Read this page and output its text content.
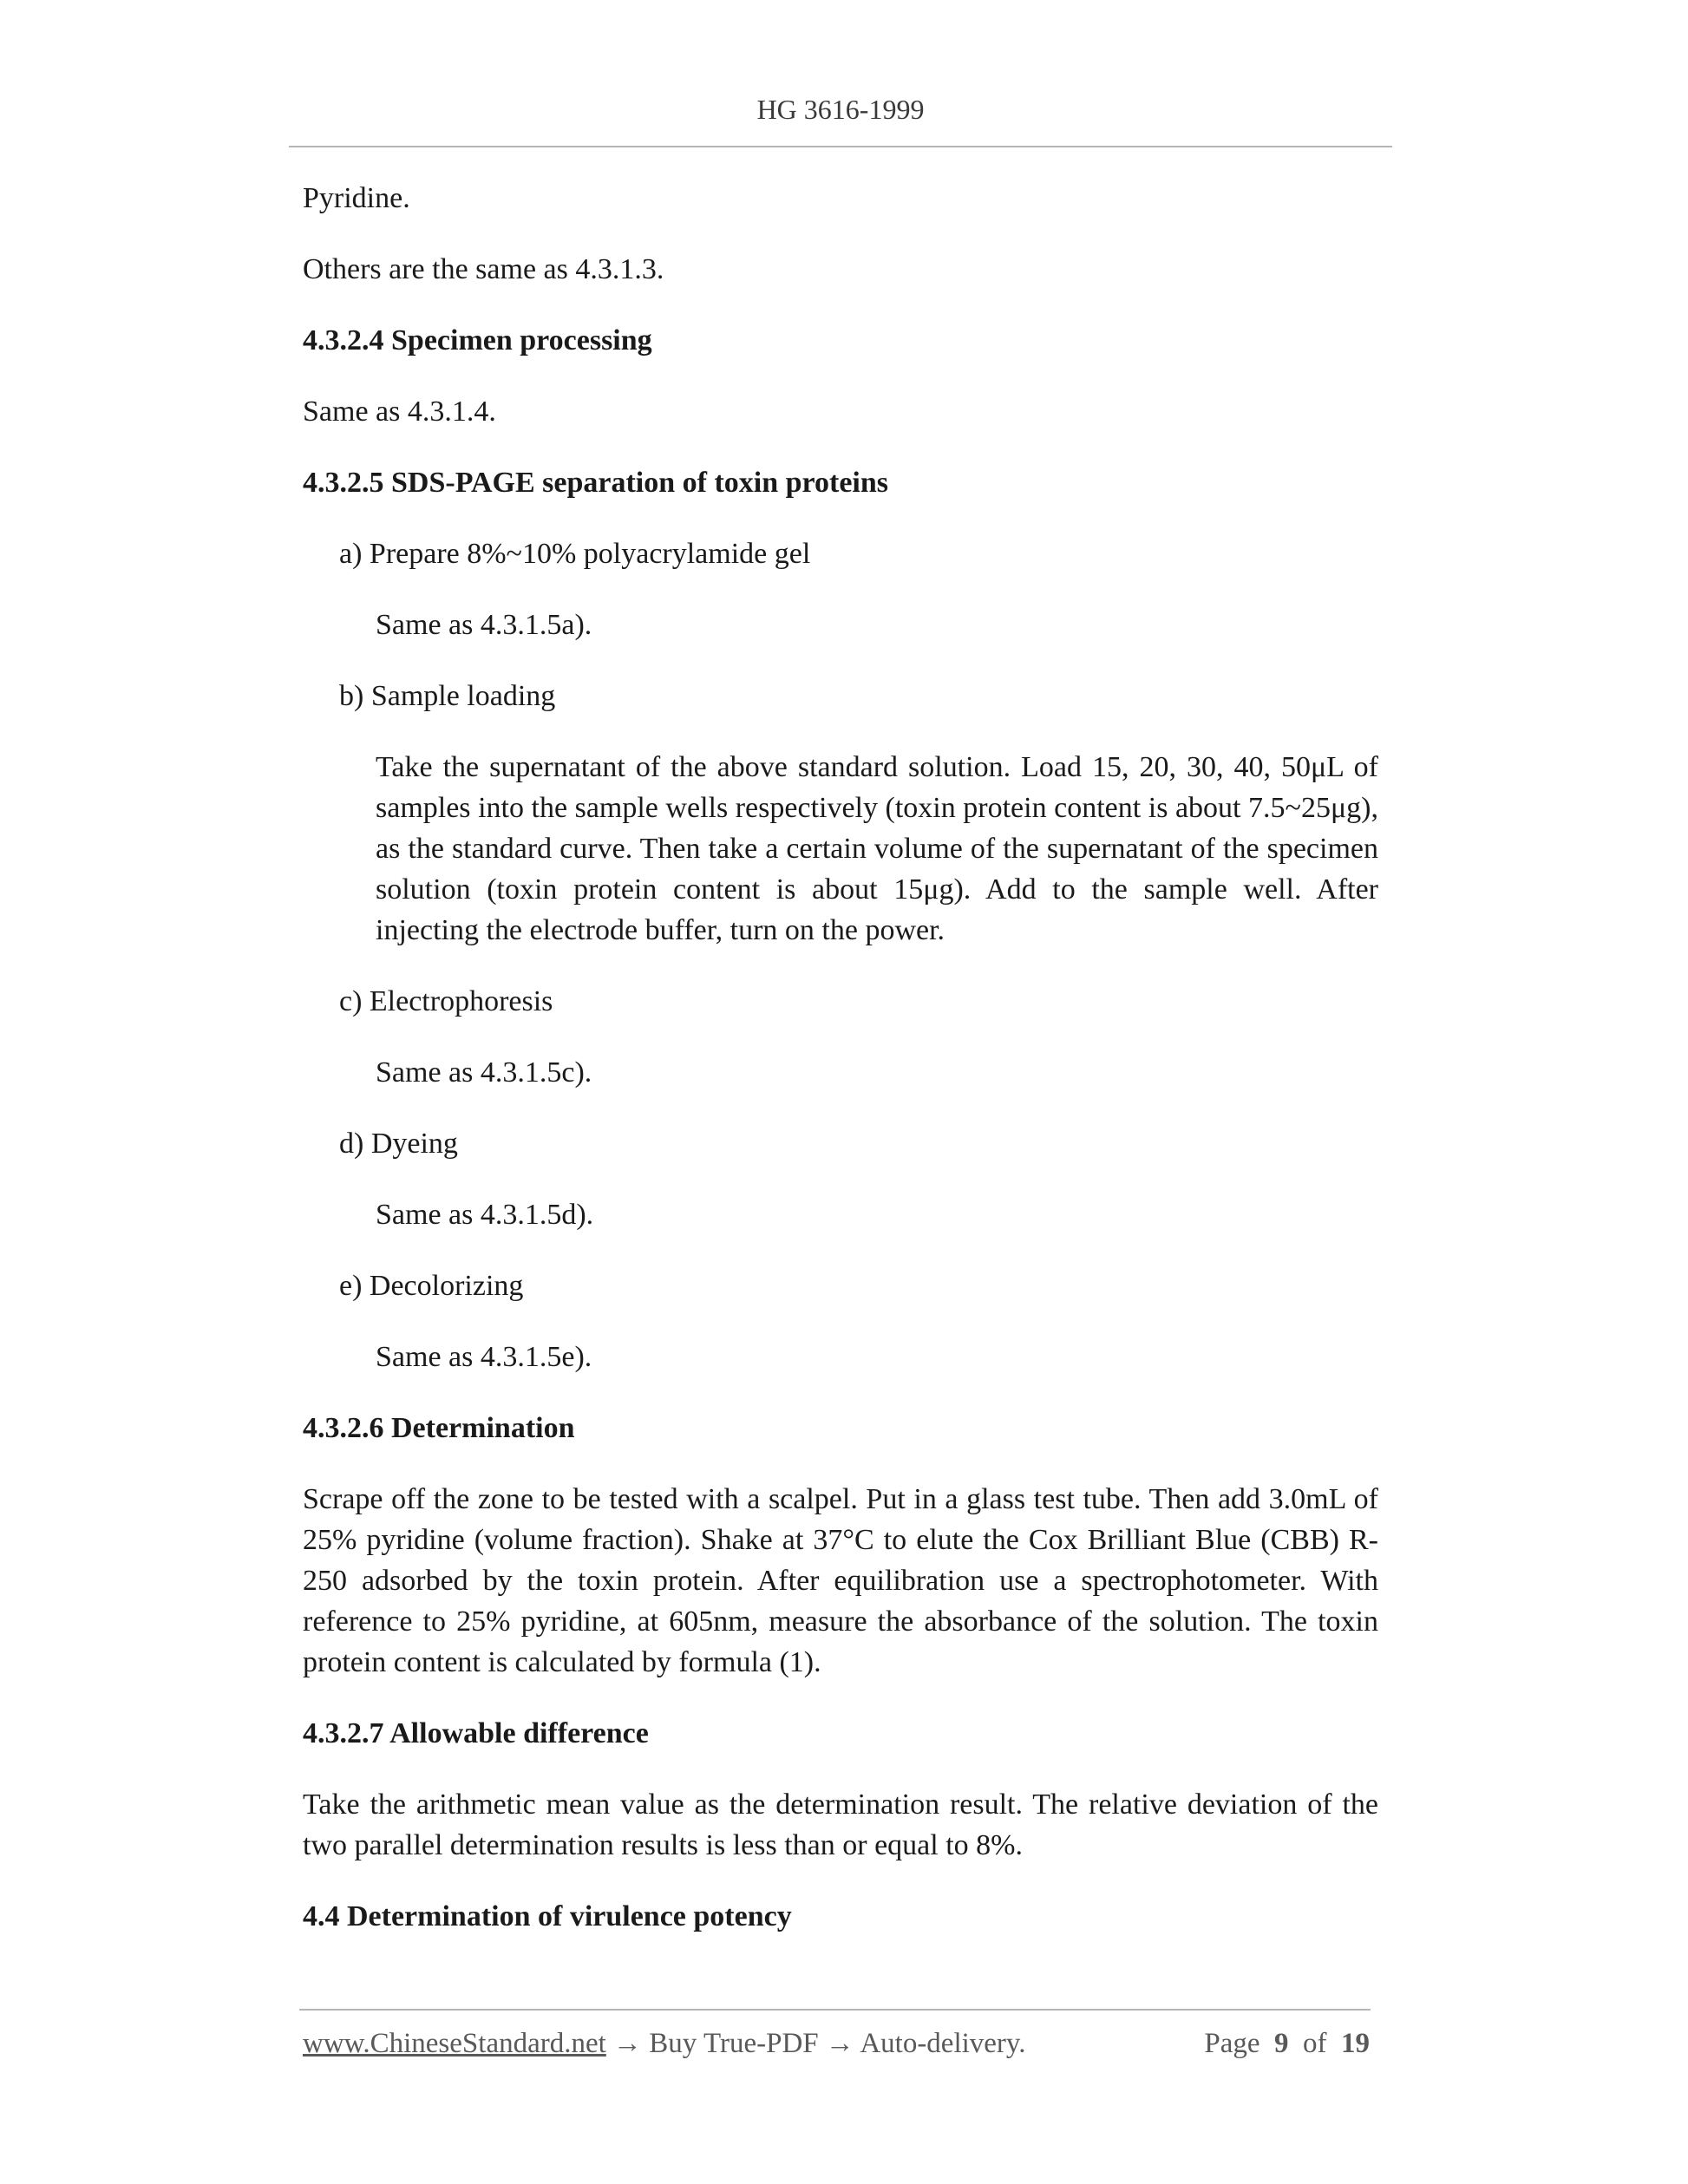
HG 3616-1999

Pyridine.

Others are the same as 4.3.1.3.

4.3.2.4 Specimen processing

Same as 4.3.1.4.

4.3.2.5 SDS-PAGE separation of toxin proteins

a) Prepare 8%~10% polyacrylamide gel

Same as 4.3.1.5a).

b) Sample loading

Take the supernatant of the above standard solution. Load 15, 20, 30, 40, 50μL of samples into the sample wells respectively (toxin protein content is about 7.5~25μg), as the standard curve. Then take a certain volume of the supernatant of the specimen solution (toxin protein content is about 15μg). Add to the sample well. After injecting the electrode buffer, turn on the power.

c) Electrophoresis

Same as 4.3.1.5c).

d) Dyeing

Same as 4.3.1.5d).

e) Decolorizing

Same as 4.3.1.5e).

4.3.2.6 Determination

Scrape off the zone to be tested with a scalpel. Put in a glass test tube. Then add 3.0mL of 25% pyridine (volume fraction). Shake at 37°C to elute the Cox Brilliant Blue (CBB) R-250 adsorbed by the toxin protein. After equilibration use a spectrophotometer. With reference to 25% pyridine, at 605nm, measure the absorbance of the solution. The toxin protein content is calculated by formula (1).

4.3.2.7 Allowable difference

Take the arithmetic mean value as the determination result. The relative deviation of the two parallel determination results is less than or equal to 8%.

4.4 Determination of virulence potency

www.ChineseStandard.net → Buy True-PDF → Auto-delivery.	Page 9 of 19
